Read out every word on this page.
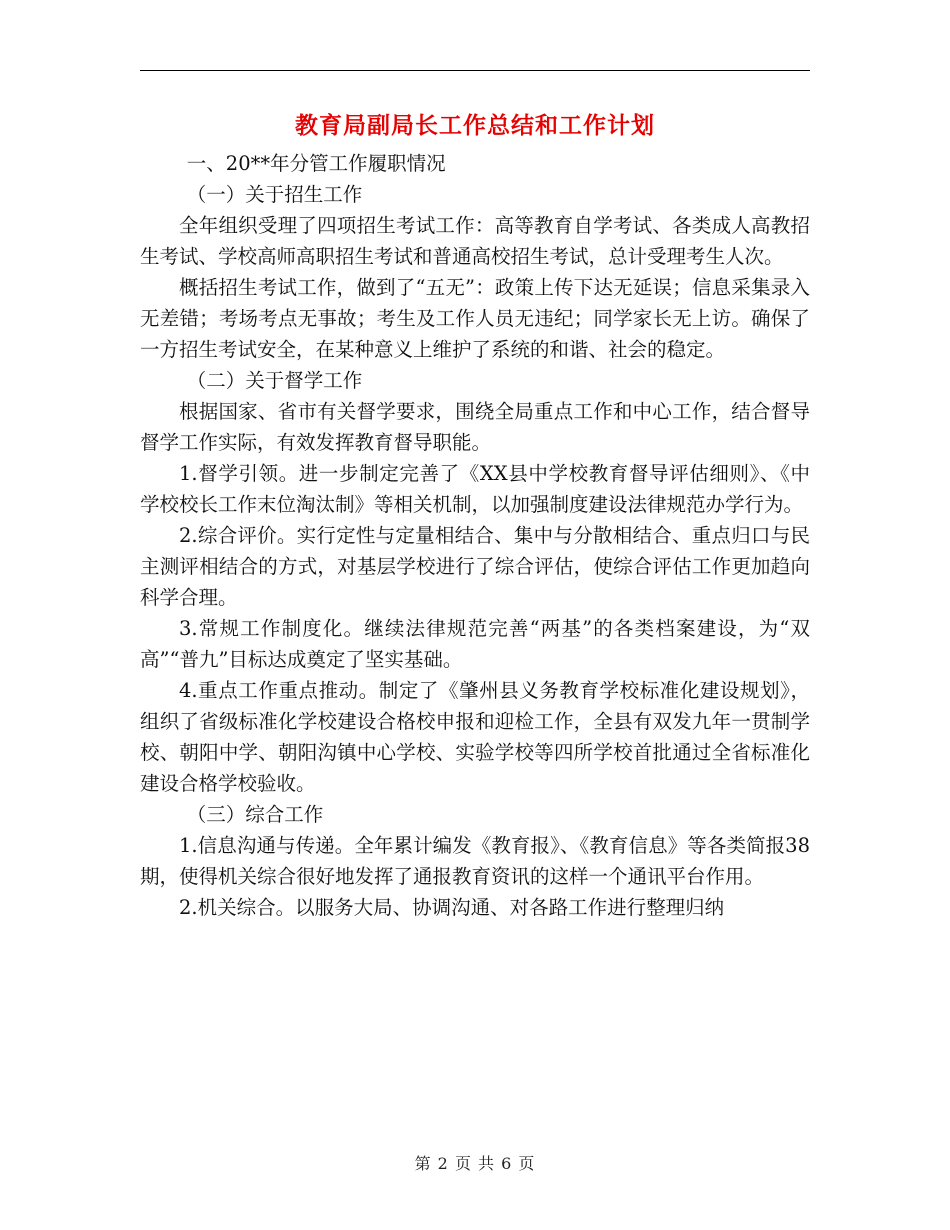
教育局副局长工作总结和工作计划

一、20**年分管工作履职情况

（一）关于招生工作

全年组织受理了四项招生考试工作：高等教育自学考试、各类成人高教招生考试、学校高师高职招生考试和普通高校招生考试，总计受理考生人次。

概括招生考试工作，做到了“五无”：政策上传下达无延误；信息采集录入无差错；考场考点无事故；考生及工作人员无违纪；同学家长无上访。确保了一方招生考试安全，在某种意义上维护了系统的和谐、社会的稳定。

（二）关于督学工作

根据国家、省市有关督学要求，围绕全局重点工作和中心工作，结合督导督学工作实际，有效发挥教育督导职能。

1.督学引领。进一步制定完善了《XX县中学校教育督导评估细则》、《中学校校长工作末位淘汰制》等相关机制，以加强制度建设法律规范办学行为。

2.综合评价。实行定性与定量相结合、集中与分散相结合、重点归口与民主测评相结合的方式，对基层学校进行了综合评估，使综合评估工作更加趋向科学合理。

3.常规工作制度化。继续法律规范完善“两基”的各类档案建设，为“双高”“普九”目标达成奠定了坚实基础。

4.重点工作重点推动。制定了《肇州县义务教育学校标准化建设规划》，组织了省级标准化学校建设合格校申报和迎检工作，全县有双发九年一贯制学校、朝阳中学、朝阳沟镇中心学校、实验学校等四所学校首批通过全省标准化建设合格学校验收。

（三）综合工作

1.信息沟通与传递。全年累计编发《教育报》、《教育信息》等各类简报38期，使得机关综合很好地发挥了通报教育资讯的这样一个通讯平台作用。

2.机关综合。以服务大局、协调沟通、对各路工作进行整理归纳

第 2 页 共 6 页
